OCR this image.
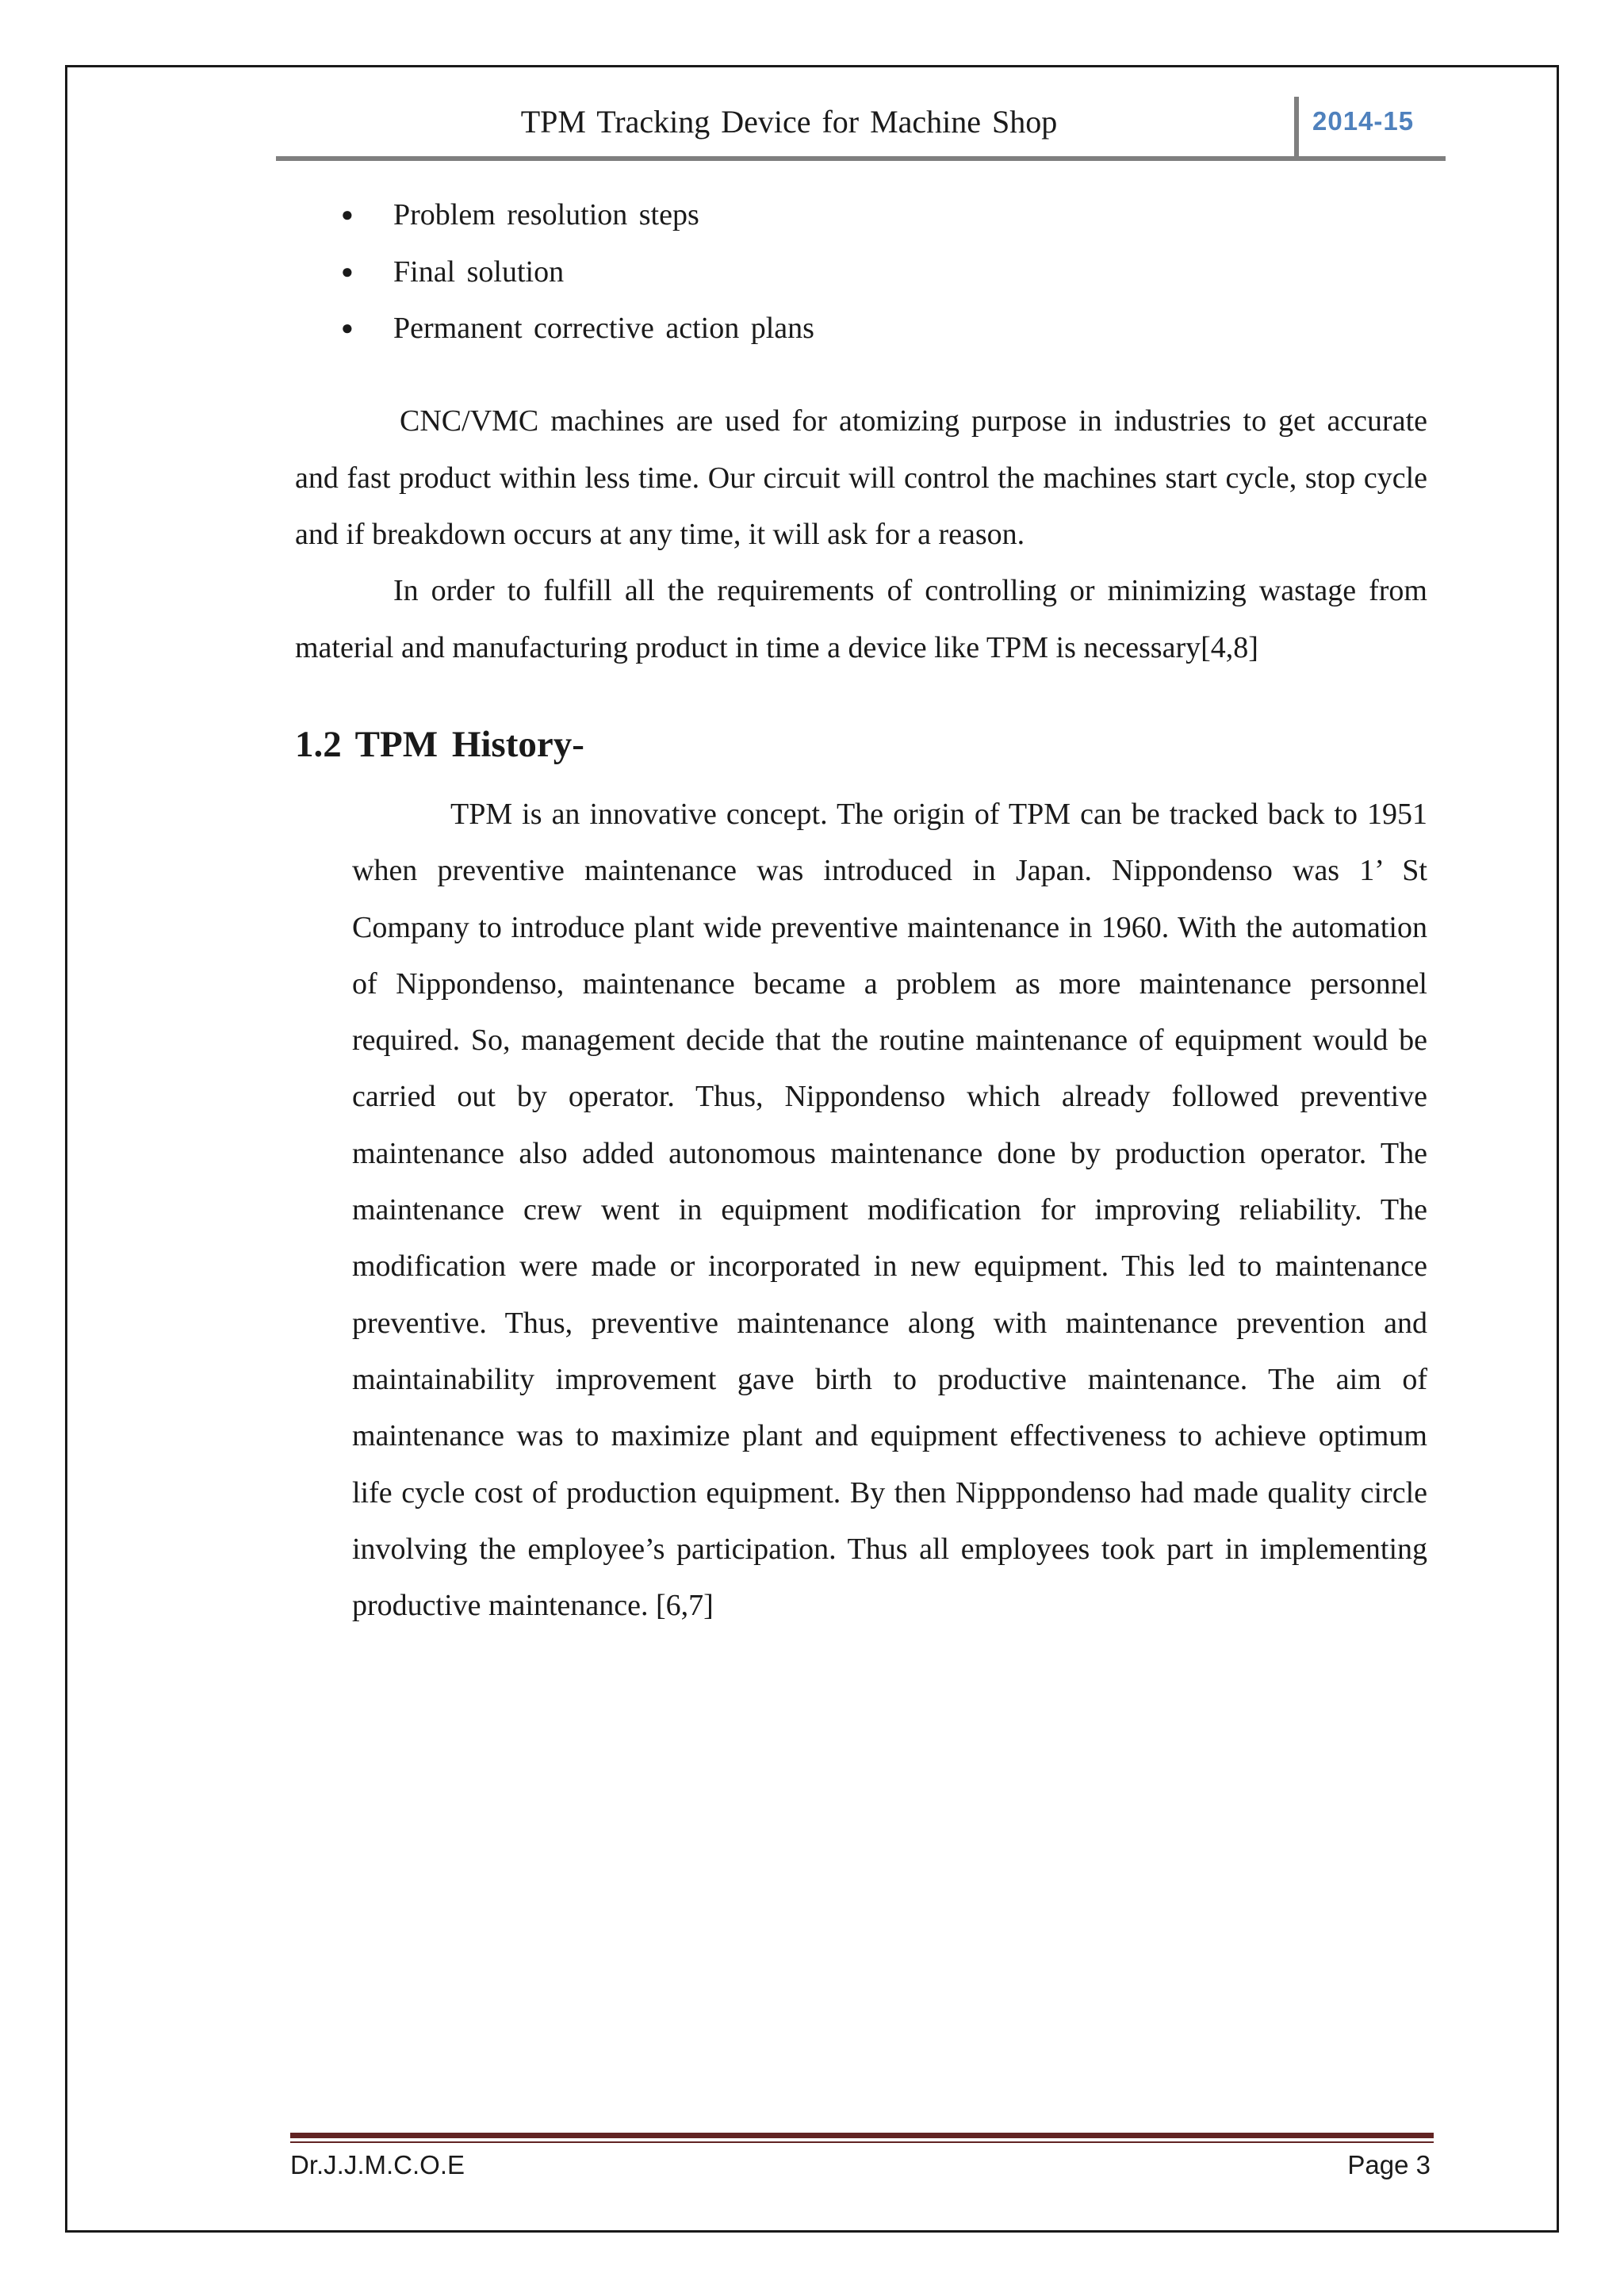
TPM Tracking Device for Machine Shop	2014-15
● Problem resolution steps
● Final solution
● Permanent corrective action plans

CNC/VMC machines are used for atomizing purpose in industries to get accurate and fast product within less time. Our circuit will control the machines start cycle, stop cycle and if breakdown occurs at any time, it will ask for a reason.

In order to fulfill all the requirements of controlling or minimizing wastage from material and manufacturing product in time a device like TPM is necessary[4,8]

1.2 TPM History-

TPM is an innovative concept. The origin of TPM can be tracked back to 1951 when preventive maintenance was introduced in Japan. Nippondenso was 1’ St Company to introduce plant wide preventive maintenance in 1960. With the automation of Nippondenso, maintenance became a problem as more maintenance personnel required. So, management decide that the routine maintenance of equipment would be carried out by operator. Thus, Nippondenso which already followed preventive maintenance also added autonomous maintenance done by production operator. The maintenance crew went in equipment modification for improving reliability. The modification were made or incorporated in new equipment. This led to maintenance preventive. Thus, preventive maintenance along with maintenance prevention and maintainability improvement gave birth to productive maintenance. The aim of maintenance was to maximize plant and equipment effectiveness to achieve optimum life cycle cost of production equipment. By then Nipppondenso had made quality circle involving the employee’s participation. Thus all employees took part in implementing productive maintenance. [6,7]

Dr.J.J.M.C.O.E	Page 3
